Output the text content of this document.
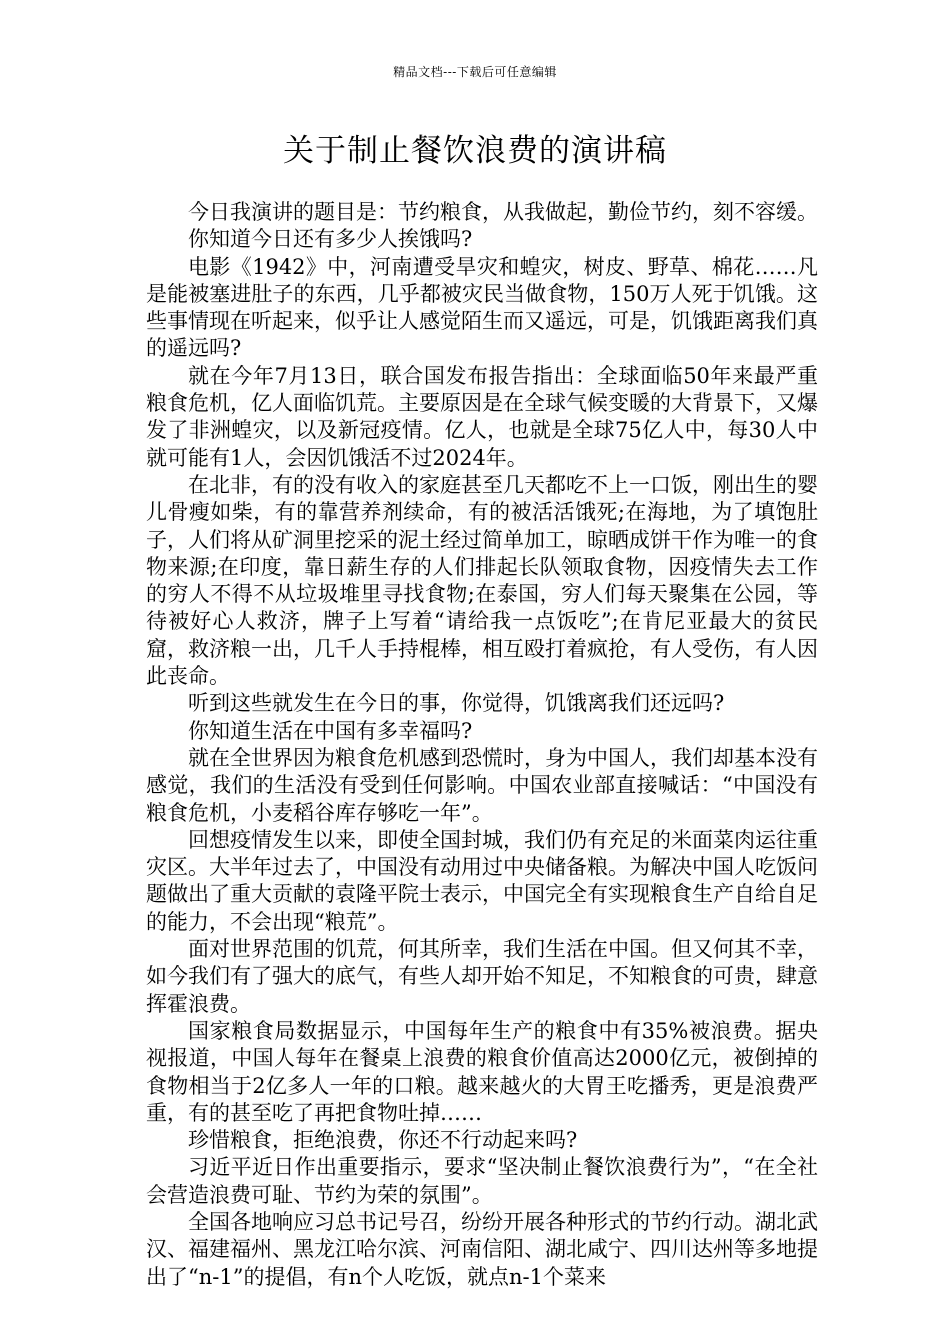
精品文档---下载后可任意编辑
关于制止餐饮浪费的演讲稿

今日我演讲的题目是：节约粮食，从我做起，勤俭节约，刻不容缓。

你知道今日还有多少人挨饿吗?

电影《1942》中，河南遭受旱灾和蝗灾，树皮、野草、棉花……凡是能被塞进肚子的东西，几乎都被灾民当做食物，150万人死于饥饿。这些事情现在听起来，似乎让人感觉陌生而又遥远，可是，饥饿距离我们真的遥远吗?

就在今年7月13日，联合国发布报告指出：全球面临50年来最严重粮食危机，亿人面临饥荒。主要原因是在全球气候变暖的大背景下，又爆发了非洲蝗灾，以及新冠疫情。亿人，也就是全球75亿人中，每30人中就可能有1人，会因饥饿活不过2024年。

在北非，有的没有收入的家庭甚至几天都吃不上一口饭，刚出生的婴儿骨瘦如柴，有的靠营养剂续命，有的被活活饿死;在海地，为了填饱肚子，人们将从矿洞里挖采的泥土经过简单加工，晾晒成饼干作为唯一的食物来源;在印度，靠日薪生存的人们排起长队领取食物，因疫情失去工作的穷人不得不从垃圾堆里寻找食物;在泰国，穷人们每天聚集在公园，等待被好心人救济，牌子上写着“请给我一点饭吃”;在肯尼亚最大的贫民窟，救济粮一出，几千人手持棍棒，相互殴打着疯抢，有人受伤，有人因此丧命。

听到这些就发生在今日的事，你觉得，饥饿离我们还远吗?

你知道生活在中国有多幸福吗?

就在全世界因为粮食危机感到恐慌时，身为中国人，我们却基本没有感觉，我们的生活没有受到任何影响。中国农业部直接喊话：“中国没有粮食危机，小麦稻谷库存够吃一年”。

回想疫情发生以来，即使全国封城，我们仍有充足的米面菜肉运往重灾区。大半年过去了，中国没有动用过中央储备粮。为解决中国人吃饭问题做出了重大贡献的袁隆平院士表示，中国完全有实现粮食生产自给自足的能力，不会出现“粮荒”。

面对世界范围的饥荒，何其所幸，我们生活在中国。但又何其不幸，如今我们有了强大的底气，有些人却开始不知足，不知粮食的可贵，肆意挥霍浪费。

国家粮食局数据显示，中国每年生产的粮食中有35%被浪费。据央视报道，中国人每年在餐桌上浪费的粮食价值高达2000亿元，被倒掉的食物相当于2亿多人一年的口粮。越来越火的大胃王吃播秀，更是浪费严重，有的甚至吃了再把食物吐掉……

珍惜粮食，拒绝浪费，你还不行动起来吗?

习近平近日作出重要指示，要求“坚决制止餐饮浪费行为”，“在全社会营造浪费可耻、节约为荣的氛围”。

全国各地响应习总书记号召，纷纷开展各种形式的节约行动。湖北武汉、福建福州、黑龙江哈尔滨、河南信阳、湖北咸宁、四川达州等多地提出了“n-1”的提倡，有n个人吃饭，就点n-1个菜来
